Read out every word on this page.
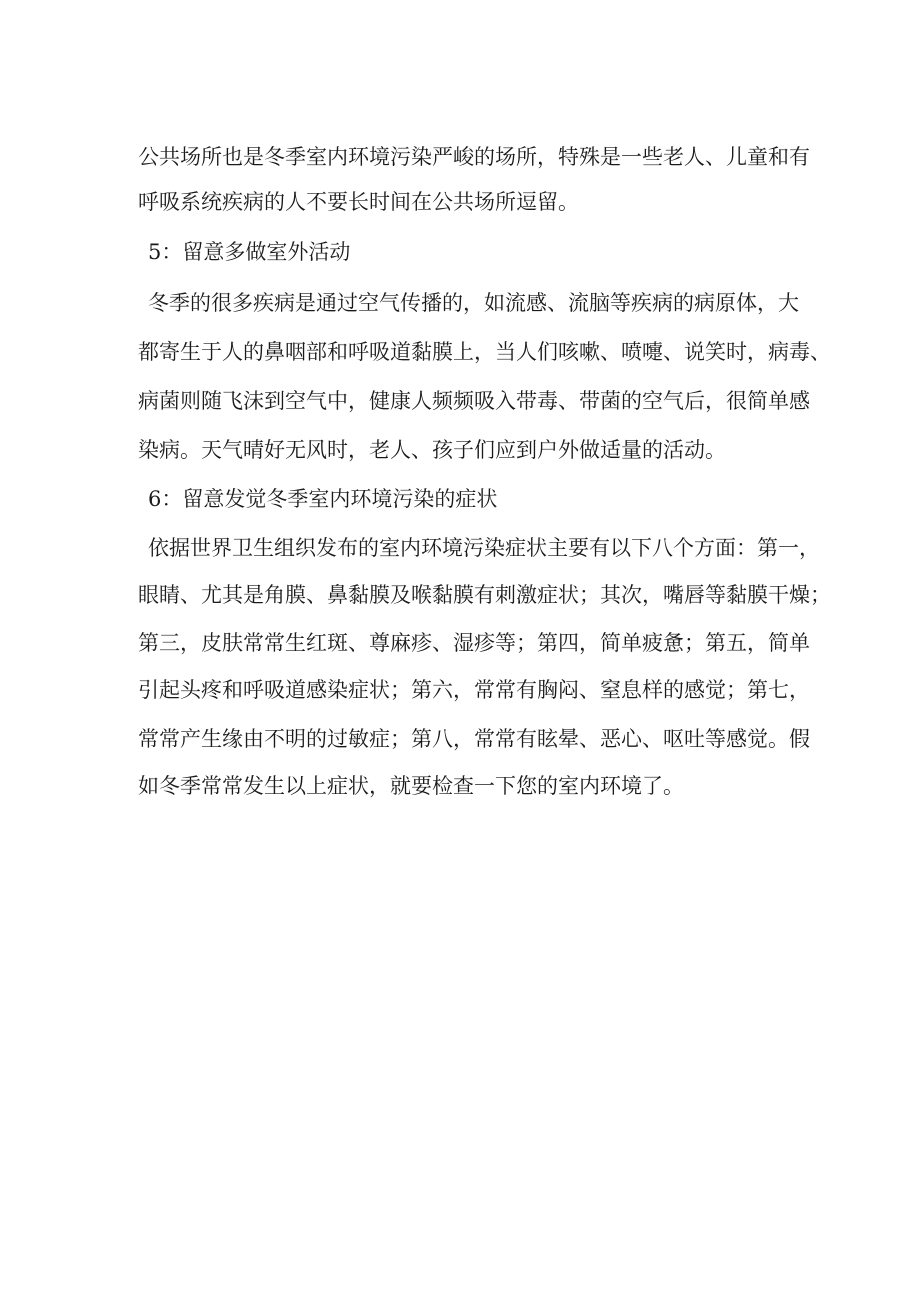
公共场所也是冬季室内环境污染严峻的场所，特殊是一些老人、儿童和有
呼吸系统疾病的人不要长时间在公共场所逗留。
5：留意多做室外活动
冬季的很多疾病是通过空气传播的，如流感、流脑等疾病的病原体，大
都寄生于人的鼻咽部和呼吸道黏膜上，当人们咳嗽、喷嚏、说笑时，病毒、
病菌则随飞沫到空气中，健康人频频吸入带毒、带菌的空气后，很简单感
染病。天气晴好无风时，老人、孩子们应到户外做适量的活动。
6：留意发觉冬季室内环境污染的症状
依据世界卫生组织发布的室内环境污染症状主要有以下八个方面：第一，
眼睛、尤其是角膜、鼻黏膜及喉黏膜有刺激症状；其次，嘴唇等黏膜干燥；
第三，皮肤常常生红斑、尊麻疹、湿疹等；第四，简单疲惫；第五，简单
引起头疼和呼吸道感染症状；第六，常常有胸闷、窒息样的感觉；第七，
常常产生缘由不明的过敏症；第八，常常有眩晕、恶心、呕吐等感觉。假
如冬季常常发生以上症状，就要检查一下您的室内环境了。
